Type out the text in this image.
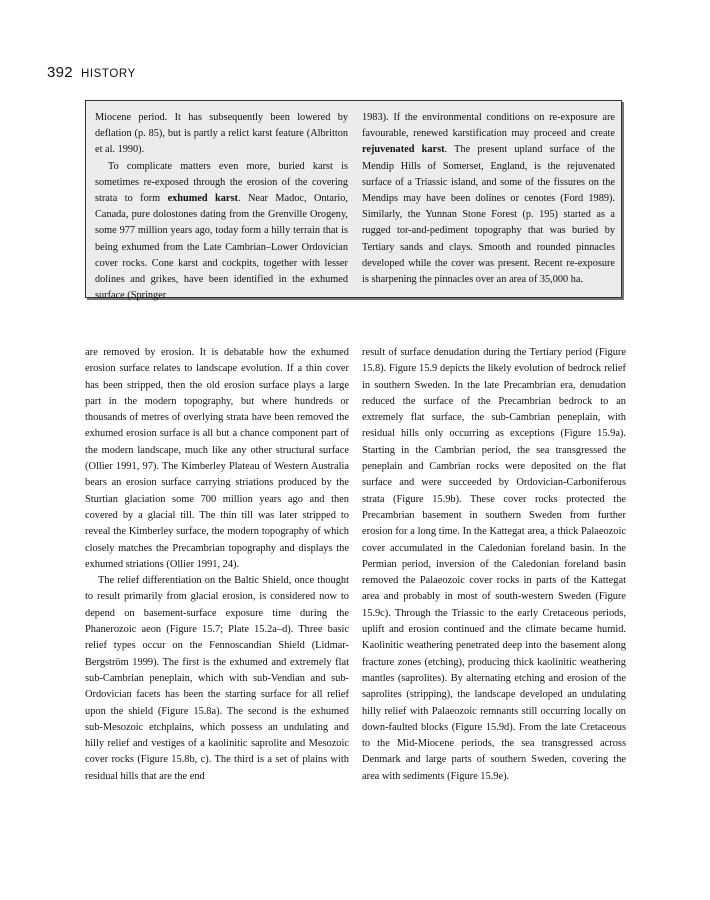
392 HISTORY

Miocene period. It has subsequently been lowered by deflation (p. 85), but is partly a relict karst feature (Albritton et al. 1990).

To complicate matters even more, buried karst is sometimes re-exposed through the erosion of the covering strata to form exhumed karst. Near Madoc, Ontario, Canada, pure dolostones dating from the Grenville Orogeny, some 977 million years ago, today form a hilly terrain that is being exhumed from the Late Cambrian–Lower Ordovician cover rocks. Cone karst and cockpits, together with lesser dolines and grikes, have been identified in the exhumed surface (Springer

1983). If the environmental conditions on re-exposure are favourable, renewed karstification may proceed and create rejuvenated karst. The present upland surface of the Mendip Hills of Somerset, England, is the rejuvenated surface of a Triassic island, and some of the fissures on the Mendips may have been dolines or cenotes (Ford 1989). Similarly, the Yunnan Stone Forest (p. 195) started as a rugged tor-and-pediment topography that was buried by Tertiary sands and clays. Smooth and rounded pinnacles developed while the cover was present. Recent re-exposure is sharpening the pinnacles over an area of 35,000 ha.

are removed by erosion. It is debatable how the exhumed erosion surface relates to landscape evolution. If a thin cover has been stripped, then the old erosion surface plays a large part in the modern topography, but where hundreds or thousands of metres of overlying strata have been removed the exhumed erosion surface is all but a chance component part of the modern landscape, much like any other structural surface (Ollier 1991, 97). The Kimberley Plateau of Western Australia bears an erosion surface carrying striations produced by the Sturtian glaciation some 700 million years ago and then covered by a glacial till. The thin till was later stripped to reveal the Kimberley surface, the modern topography of which closely matches the Precambrian topography and displays the exhumed striations (Ollier 1991, 24).

The relief differentiation on the Baltic Shield, once thought to result primarily from glacial erosion, is considered now to depend on basement-surface exposure time during the Phanerozoic aeon (Figure 15.7; Plate 15.2a–d). Three basic relief types occur on the Fennoscandian Shield (Lidmar-Bergström 1999). The first is the exhumed and extremely flat sub-Cambrian peneplain, which with sub-Vendian and sub-Ordovician facets has been the starting surface for all relief upon the shield (Figure 15.8a). The second is the exhumed sub-Mesozoic etchplains, which possess an undulating and hilly relief and vestiges of a kaolinitic saprolite and Mesozoic cover rocks (Figure 15.8b, c). The third is a set of plains with residual hills that are the end

result of surface denudation during the Tertiary period (Figure 15.8). Figure 15.9 depicts the likely evolution of bedrock relief in southern Sweden. In the late Precambrian era, denudation reduced the surface of the Precambrian bedrock to an extremely flat surface, the sub-Cambrian peneplain, with residual hills only occurring as exceptions (Figure 15.9a). Starting in the Cambrian period, the sea transgressed the peneplain and Cambrian rocks were deposited on the flat surface and were succeeded by Ordovician-Carboniferous strata (Figure 15.9b). These cover rocks protected the Precambrian basement in southern Sweden from further erosion for a long time. In the Kattegat area, a thick Palaeozoic cover accumulated in the Caledonian foreland basin. In the Permian period, inversion of the Caledonian foreland basin removed the Palaeozoic cover rocks in parts of the Kattegat area and probably in most of south-western Sweden (Figure 15.9c). Through the Triassic to the early Cretaceous periods, uplift and erosion continued and the climate became humid. Kaolinitic weathering penetrated deep into the basement along fracture zones (etching), producing thick kaolinitic weathering mantles (saprolites). By alternating etching and erosion of the saprolites (stripping), the landscape developed an undulating hilly relief with Palaeozoic remnants still occurring locally on down-faulted blocks (Figure 15.9d). From the late Cretaceous to the Mid-Miocene periods, the sea transgressed across Denmark and large parts of southern Sweden, covering the area with sediments (Figure 15.9e).
